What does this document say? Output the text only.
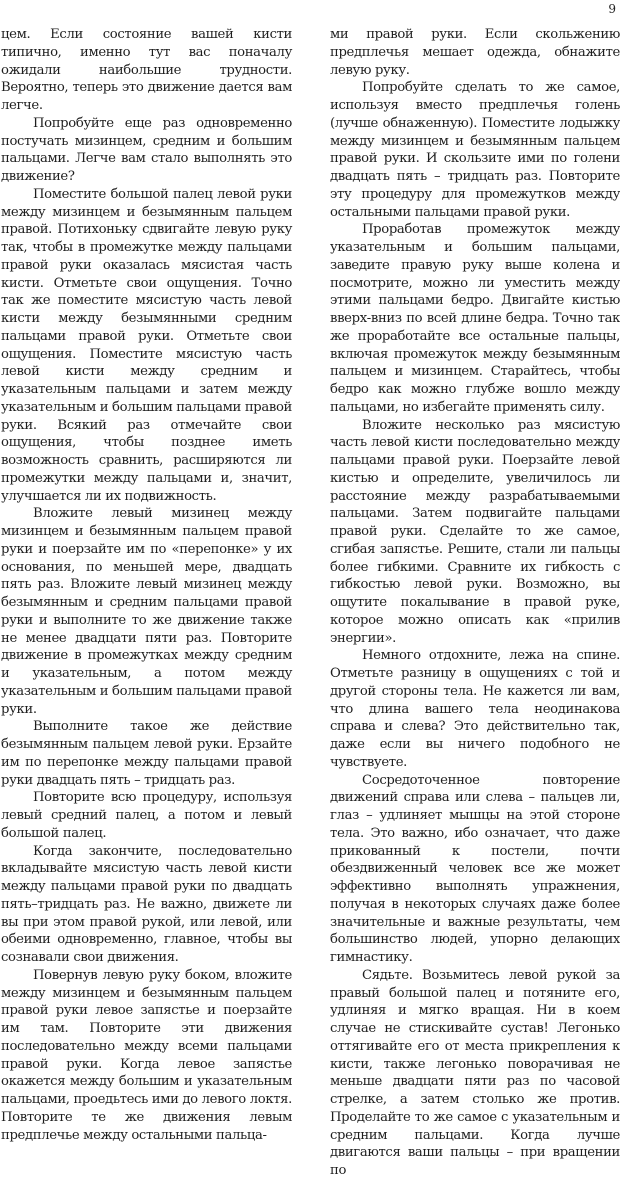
9

цем. Если состояние вашей кисти типично, именно тут вас поначалу ожидали наибольшие трудности. Вероятно, теперь это движение дается вам легче.

Попробуйте еще раз одновременно постучать мизинцем, средним и большим пальцами. Легче вам стало выполнять это движение?

Поместите большой палец левой руки между мизинцем и безымянным пальцем правой. Потихоньку сдвигайте левую руку так, чтобы в промежутке между пальцами правой руки оказалась мясистая часть кисти. Отметьте свои ощущения. Точно так же поместите мясистую часть левой кисти между безымянными средним пальцами правой руки. Отметьте свои ощущения. Поместите мясистую часть левой кисти между средним и указательным пальцами и затем между указательным и большим пальцами правой руки. Всякий раз отмечайте свои ощущения, чтобы позднее иметь возможность сравнить, расширяются ли промежутки между пальцами и, значит, улучшается ли их подвижность.

Вложите левый мизинец между мизинцем и безымянным пальцем правой руки и поерзайте им по «перепонке» у их основания, по меньшей мере, двадцать пять раз. Вложите левый мизинец между безымянным и средним пальцами правой руки и выполните то же движение также не менее двадцати пяти раз. Повторите движение в промежутках между средним и указательным, а потом между указательным и большим пальцами правой руки.

Выполните такое же действие безымянным пальцем левой руки. Ерзайте им по перепонке между пальцами правой руки двадцать пять – тридцать раз.

Повторите всю процедуру, используя левый средний палец, а потом и левый большой палец.

Когда закончите, последовательно вкладывайте мясистую часть левой кисти между пальцами правой руки по двадцать пять–тридцать раз. Не важно, движете ли вы при этом правой рукой, или левой, или обеими одновременно, главное, чтобы вы сознавали свои движения.

Повернув левую руку боком, вложите между мизинцем и безымянным пальцем правой руки левое запястье и поерзайте им там. Повторите эти движения последовательно между всеми пальцами правой руки. Когда левое запястье окажется между большим и указательным пальцами, проедьтесь ими до левого локтя. Повторите те же движения левым предплечье между остальными пальца-

ми правой руки. Если скольжению предплечья мешает одежда, обнажите левую руку.

Попробуйте сделать то же самое, используя вместо предплечья голень (лучше обнаженную). Поместите лодыжку между мизинцем и безымянным пальцем правой руки. И скользите ими по голени двадцать пять – тридцать раз. Повторите эту процедуру для промежутков между остальными пальцами правой руки.

Проработав промежуток между указательным и большим пальцами, заведите правую руку выше колена и посмотрите, можно ли уместить между этими пальцами бедро. Двигайте кистью вверх-вниз по всей длине бедра. Точно так же проработайте все остальные пальцы, включая промежуток между безымянным пальцем и мизинцем. Старайтесь, чтобы бедро как можно глубже вошло между пальцами, но избегайте применять силу.

Вложите несколько раз мясистую часть левой кисти последовательно между пальцами правой руки. Поерзайте левой кистью и определите, увеличилось ли расстояние между разрабатываемыми пальцами. Затем подвигайте пальцами правой руки. Сделайте то же самое, сгибая запястье. Решите, стали ли пальцы более гибкими. Сравните их гибкость с гибкостью левой руки. Возможно, вы ощутите покалывание в правой руке, которое можно описать как «прилив энергии».

Немного отдохните, лежа на спине. Отметьте разницу в ощущениях с той и другой стороны тела. Не кажется ли вам, что длина вашего тела неодинакова справа и слева? Это действительно так, даже если вы ничего подобного не чувствуете.

Сосредоточенное повторение движений справа или слева – пальцев ли, глаз – удлиняет мышцы на этой стороне тела. Это важно, ибо означает, что даже прикованный к постели, почти обездвиженный человек все же может эффективно выполнять упражнения, получая в некоторых случаях даже более значительные и важные результаты, чем большинство людей, упорно делающих гимнастику.

Сядьте. Возьмитесь левой рукой за правый большой палец и потяните его, удлиняя и мягко вращая. Ни в коем случае не стискивайте сустав! Легонько оттягивайте его от места прикрепления к кисти, также легонько поворачивая не меньше двадцати пяти раз по часовой стрелке, а затем столько же против. Проделайте то же самое с указательным и средним пальцами. Когда лучше двигаются ваши пальцы – при вращении по
